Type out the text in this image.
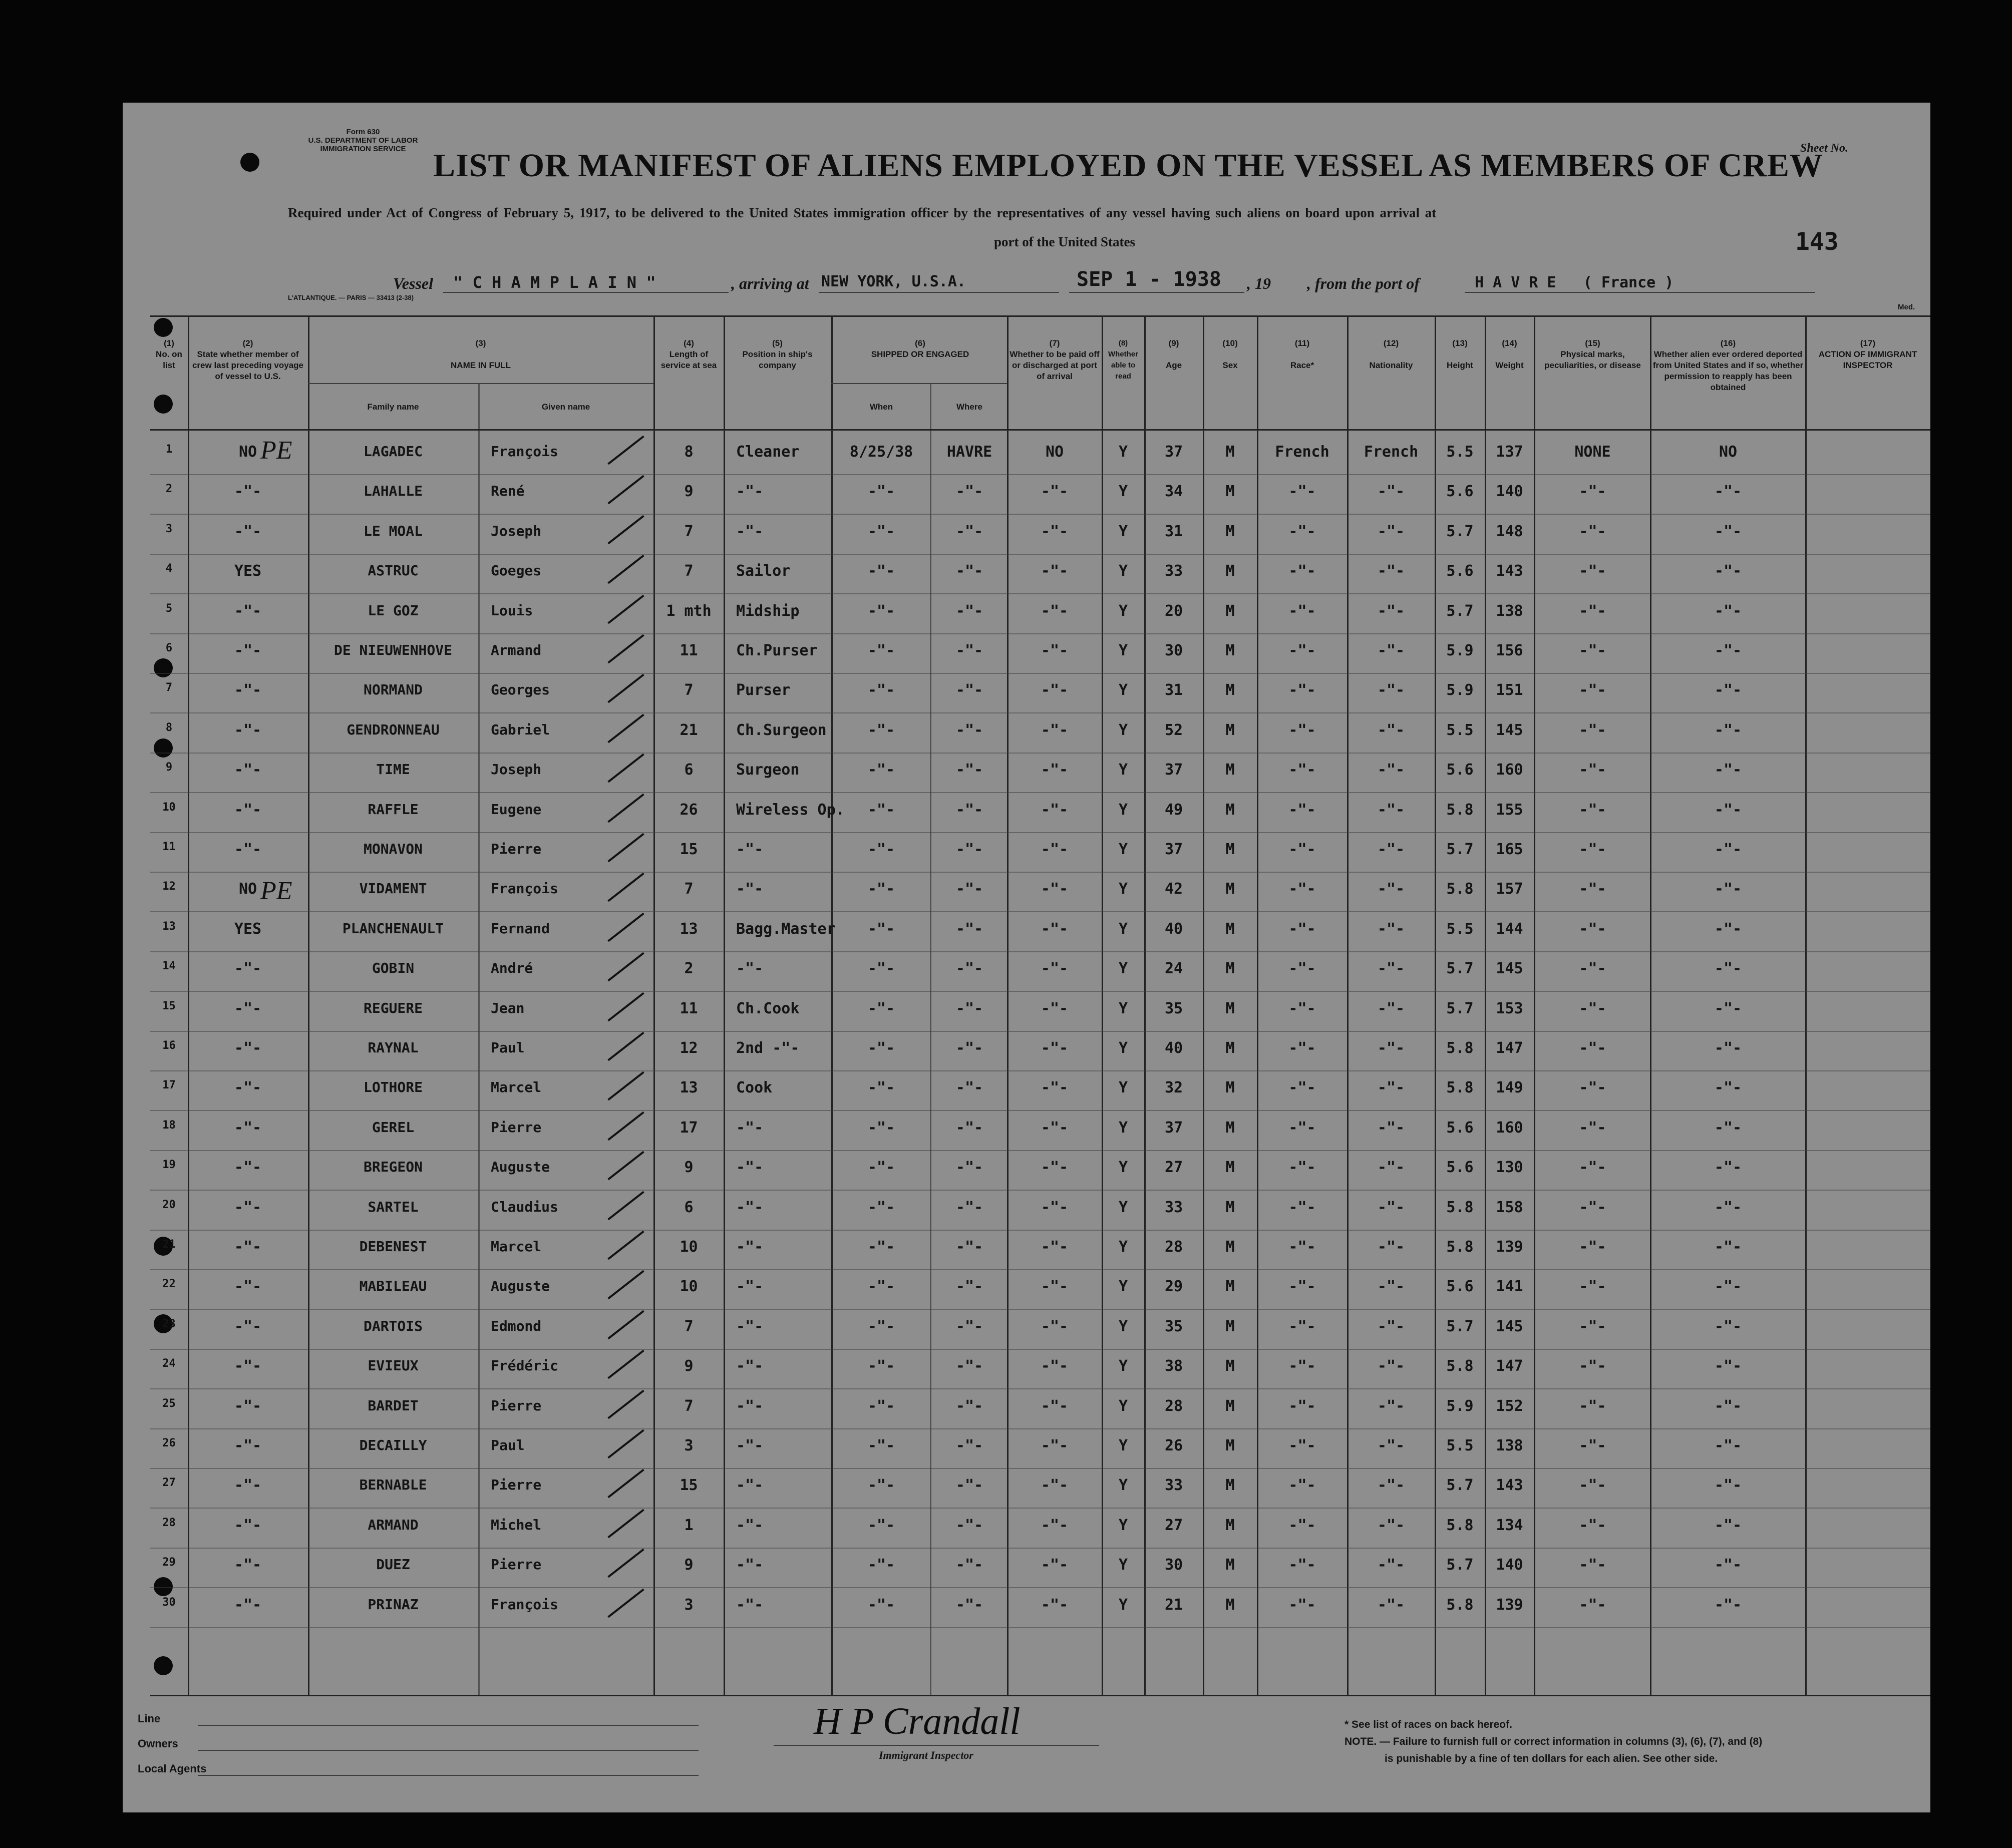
Form 630
U.S. DEPARTMENT OF LABOR
IMMIGRATION SERVICE	Sheet No.
LIST OR MANIFEST OF ALIENS EMPLOYED ON THE VESSEL AS MEMBERS OF CREW
Required under Act of Congress of February 5, 1917, to be delivered to the United States immigration officer by the representatives of any vessel having such aliens on board upon arrival at
port of the United States	143
Vessel " C H A M P L A I N "	, arriving at NEW YORK, U.S.A.	SEP 1 - 1938 , 19 , from the port of	H A V R E   ( France )
L'ATLANTIQUE. — PARIS — 33413 (2-38)
Med.
(1)
No. on list
(2)
State whether member of crew last preceding voyage of vessel to U.S.
(3)
NAME IN FULL
Family name	Given name
(4)
Length of service at sea
(5)
Position in ship's company
(6)
SHIPPED OR ENGAGED
When	Where
(7)
Whether to be paid off or discharged at port of arrival
(8)
Whether able to read
(9)
Age
(10)
Sex
(11)
Race*
(12)
Nationality
(13)
Height
(14)
Weight
(15)
Physical marks, peculiarities, or disease
(16)
Whether alien ever ordered deported from United States and if so, whether permission to reapply has been obtained
(17)
ACTION OF IMMIGRANT INSPECTOR
1	NO	LAGADEC	François	8	Cleaner	8/25/38	HAVRE	NO	Y	37	M	French	French	5.5	137	NONE	NO
2	-"-	LAHALLE	René	9	-"-	-"-	-"-	-"-	Y	34	M	-"-	-"-	5.6	140	-"-	-"-
3	-"-	LE MOAL	Joseph	7	-"-	-"-	-"-	-"-	Y	31	M	-"-	-"-	5.7	148	-"-	-"-
4	YES	ASTRUC	Goeges	7	Sailor	-"-	-"-	-"-	Y	33	M	-"-	-"-	5.6	143	-"-	-"-
5	-"-	LE GOZ	Louis	1 mth	Midship	-"-	-"-	-"-	Y	20	M	-"-	-"-	5.7	138	-"-	-"-
6	-"-	DE NIEUWENHOVE	Armand	11	Ch.Purser	-"-	-"-	-"-	Y	30	M	-"-	-"-	5.9	156	-"-	-"-
7	-"-	NORMAND	Georges	7	Purser	-"-	-"-	-"-	Y	31	M	-"-	-"-	5.9	151	-"-	-"-
8	-"-	GENDRONNEAU	Gabriel	21	Ch.Surgeon	-"-	-"-	-"-	Y	52	M	-"-	-"-	5.5	145	-"-	-"-
9	-"-	TIME	Joseph	6	Surgeon	-"-	-"-	-"-	Y	37	M	-"-	-"-	5.6	160	-"-	-"-
10	-"-	RAFFLE	Eugene	26	Wireless Op.	-"-	-"-	-"-	Y	49	M	-"-	-"-	5.8	155	-"-	-"-
11	-"-	MONAVON	Pierre	15	-"-	-"-	-"-	-"-	Y	37	M	-"-	-"-	5.7	165	-"-	-"-
12	NO	VIDAMENT	François	7	-"-	-"-	-"-	-"-	Y	42	M	-"-	-"-	5.8	157	-"-	-"-
13	YES	PLANCHENAULT	Fernand	13	Bagg.Master	-"-	-"-	-"-	Y	40	M	-"-	-"-	5.5	144	-"-	-"-
14	-"-	GOBIN	André	2	-"-	-"-	-"-	-"-	Y	24	M	-"-	-"-	5.7	145	-"-	-"-
15	-"-	REGUERE	Jean	11	Ch.Cook	-"-	-"-	-"-	Y	35	M	-"-	-"-	5.7	153	-"-	-"-
16	-"-	RAYNAL	Paul	12	2nd -"-	-"-	-"-	-"-	Y	40	M	-"-	-"-	5.8	147	-"-	-"-
17	-"-	LOTHORE	Marcel	13	Cook	-"-	-"-	-"-	Y	32	M	-"-	-"-	5.8	149	-"-	-"-
18	-"-	GEREL	Pierre	17	-"-	-"-	-"-	-"-	Y	37	M	-"-	-"-	5.6	160	-"-	-"-
19	-"-	BREGEON	Auguste	9	-"-	-"-	-"-	-"-	Y	27	M	-"-	-"-	5.6	130	-"-	-"-
20	-"-	SARTEL	Claudius	6	-"-	-"-	-"-	-"-	Y	33	M	-"-	-"-	5.8	158	-"-	-"-
21	-"-	DEBENEST	Marcel	10	-"-	-"-	-"-	-"-	Y	28	M	-"-	-"-	5.8	139	-"-	-"-
22	-"-	MABILEAU	Auguste	10	-"-	-"-	-"-	-"-	Y	29	M	-"-	-"-	5.6	141	-"-	-"-
23	-"-	DARTOIS	Edmond	7	-"-	-"-	-"-	-"-	Y	35	M	-"-	-"-	5.7	145	-"-	-"-
24	-"-	EVIEUX	Frédéric	9	-"-	-"-	-"-	-"-	Y	38	M	-"-	-"-	5.8	147	-"-	-"-
25	-"-	BARDET	Pierre	7	-"-	-"-	-"-	-"-	Y	28	M	-"-	-"-	5.9	152	-"-	-"-
26	-"-	DECAILLY	Paul	3	-"-	-"-	-"-	-"-	Y	26	M	-"-	-"-	5.5	138	-"-	-"-
27	-"-	BERNABLE	Pierre	15	-"-	-"-	-"-	-"-	Y	33	M	-"-	-"-	5.7	143	-"-	-"-
28	-"-	ARMAND	Michel	1	-"-	-"-	-"-	-"-	Y	27	M	-"-	-"-	5.8	134	-"-	-"-
29	-"-	DUEZ	Pierre	9	-"-	-"-	-"-	-"-	Y	30	M	-"-	-"-	5.7	140	-"-	-"-
30	-"-	PRINAZ	François	3	-"-	-"-	-"-	-"-	Y	21	M	-"-	-"-	5.8	139	-"-	-"-
PE
PE
Line
Owners
Local Agents
H P Crandall
Immigrant Inspector
* See list of races on back hereof.
NOTE. — Failure to furnish full or correct information in columns (3), (6), (7), and (8)
is punishable by a fine of ten dollars for each alien. See other side.
